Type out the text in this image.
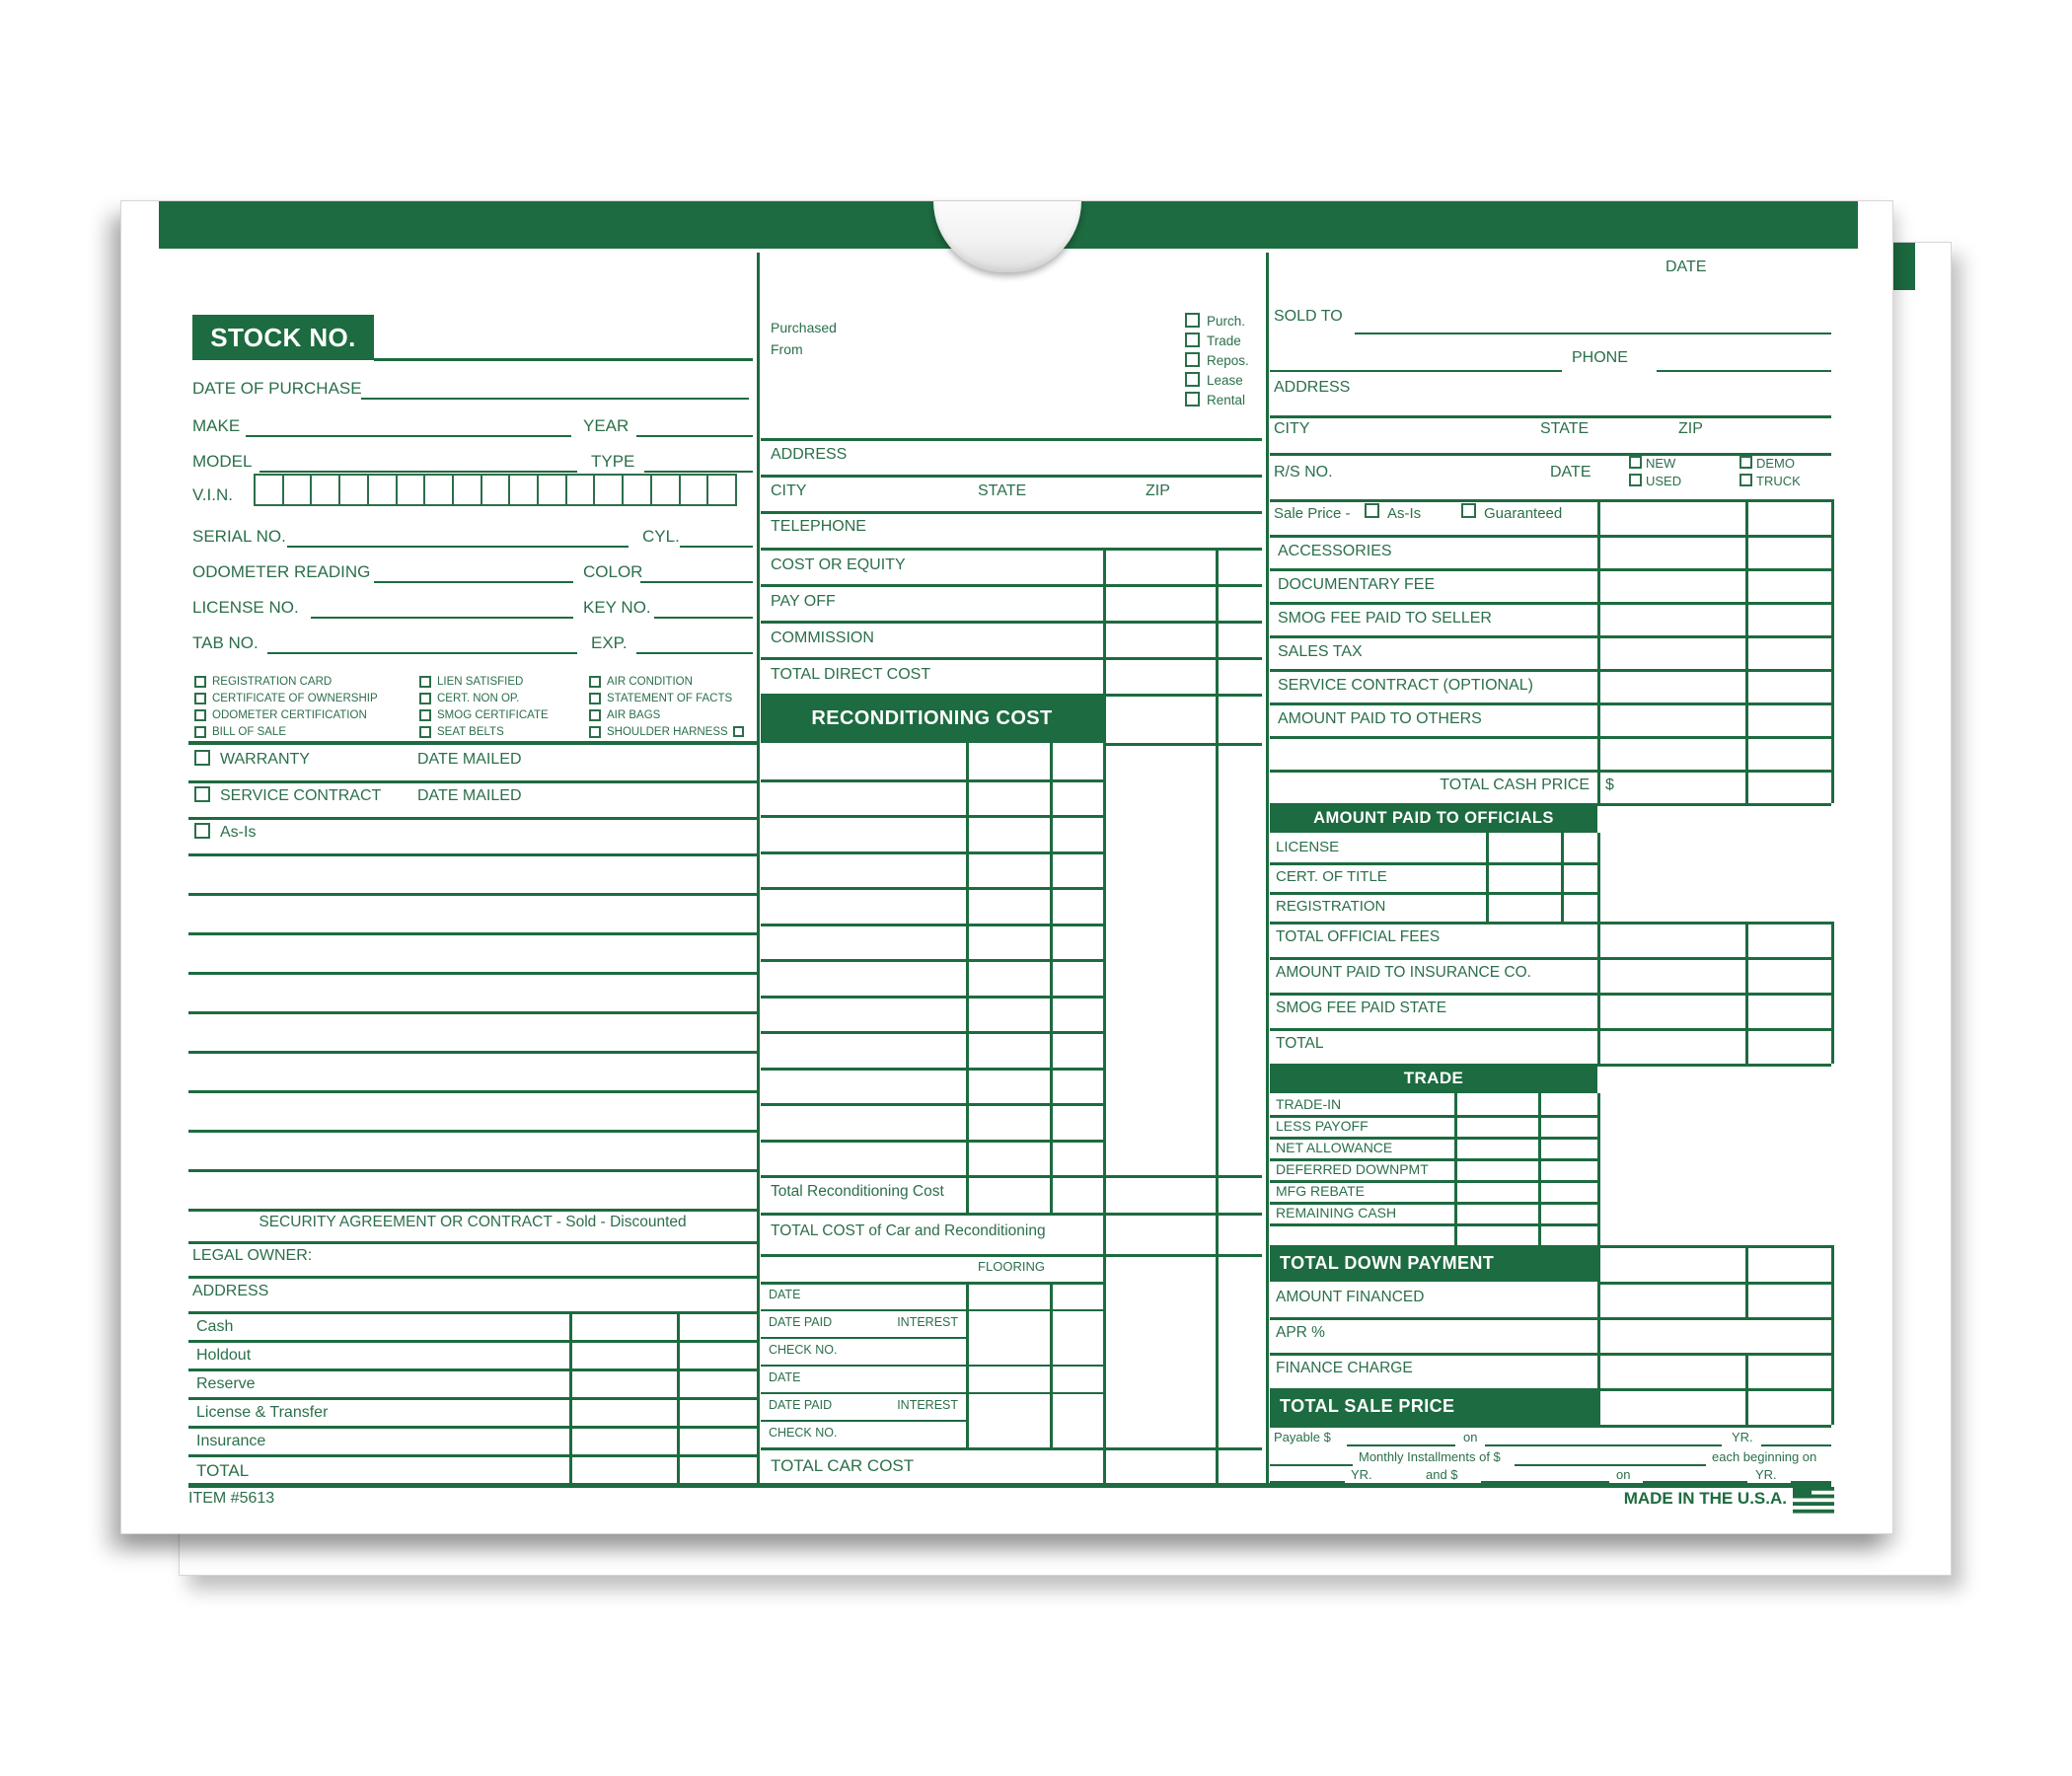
STOCK NO.
DATE OF PURCHASE
MAKE	YEAR
MODEL	TYPE
V.I.N.
SERIAL NO.	CYL.
ODOMETER READING	COLOR
LICENSE NO.	KEY NO.
TAB NO.	EXP.
WARRANTY	DATE MAILED
SERVICE CONTRACT DATE MAILED
As-Is
SECURITY AGREEMENT OR CONTRACT - Sold - Discounted
LEGAL OWNER:
ADDRESS
ITEM #5613
Purchased
From
ADDRESS
CITY	STATE	ZIP
TELEPHONE
RECONDITIONING COST
Total Reconditioning Cost
TOTAL COST of Car and Reconditioning
FLOORING
TOTAL CAR COST
DATE
SOLD TO
PHONE
ADDRESS
CITY	STATE	ZIP
R/S NO.	DATE
Sale Price - As-Is	Guaranteed
TOTAL CASH PRICE $
AMOUNT PAID TO OFFICIALS
TOTAL OFFICIAL FEES
AMOUNT PAID TO INSURANCE CO.
SMOG FEE PAID STATE
TOTAL
TRADE
TOTAL DOWN PAYMENT
AMOUNT FINANCED
APR %
FINANCE CHARGE
TOTAL SALE PRICE
Payable $	on	YR.
Monthly Installments of $	each beginning on
YR.	and $	on	YR.
MADE IN THE U.S.A.
REGISTRATION CARD
CERTIFICATE OF OWNERSHIP
ODOMETER CERTIFICATION
BILL OF SALE
LIEN SATISFIED
CERT. NON OP.
SMOG CERTIFICATE
SEAT BELTS
AIR CONDITION
STATEMENT OF FACTS
AIR BAGS
SHOULDER HARNESS
Cash
Holdout
Reserve
License & Transfer
Insurance
TOTAL
Purch.
Trade
Repos.
Lease
Rental
COST OR EQUITY
PAY OFF
COMMISSION
TOTAL DIRECT COST
DATE
DATE PAID	INTEREST
CHECK NO.
DATE
DATE PAID	INTEREST
CHECK NO.
NEW
USED
DEMO
TRUCK
ACCESSORIES
DOCUMENTARY FEE
SMOG FEE PAID TO SELLER
SALES TAX
SERVICE CONTRACT (OPTIONAL)
AMOUNT PAID TO OTHERS
LICENSE
CERT. OF TITLE
REGISTRATION
TRADE-IN
LESS PAYOFF
NET ALLOWANCE
DEFERRED DOWNPMT
MFG REBATE
REMAINING CASH
